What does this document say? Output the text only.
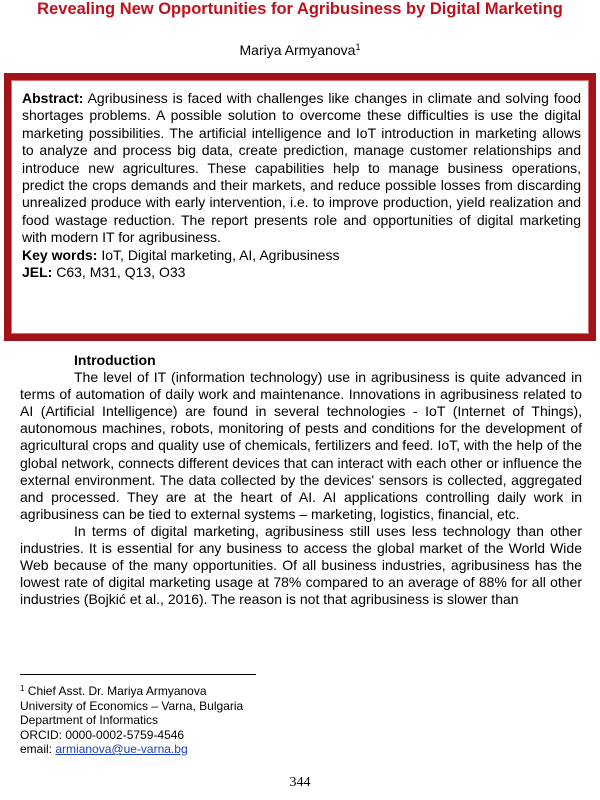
Revealing New Opportunities for Agribusiness by Digital Marketing
Mariya Armyanova$^1$

Abstract: Agribusiness is faced with challenges like changes in climate and solving food shortages problems. A possible solution to overcome these difficulties is use the digital marketing possibilities. The artificial intelligence and IoT introduction in marketing allows to analyze and process big data, create prediction, manage customer relationships and introduce new agricultures. These capabilities help to manage business operations, predict the crops demands and their markets, and reduce possible losses from discarding unrealized produce with early intervention, i.e. to improve production, yield realization and food wastage reduction. The report presents role and opportunities of digital marketing with modern IT for agribusiness.

Key words: IoT, Digital marketing, AI, Agribusiness

JEL: C63, M31, Q13, O33

Introduction

The level of IT (information technology) use in agribusiness is quite advanced in terms of automation of daily work and maintenance. Innovations in agribusiness related to AI (Artificial Intelligence) are found in several technologies - IoT (Internet of Things), autonomous machines, robots, monitoring of pests and conditions for the development of agricultural crops and quality use of chemicals, fertilizers and feed. IoT, with the help of the global network, connects different devices that can interact with each other or influence the external environment. The data collected by the devices' sensors is collected, aggregated and processed. They are at the heart of AI. AI applications controlling daily work in agribusiness can be tied to external systems – marketing, logistics, financial, etc.

In terms of digital marketing, agribusiness still uses less technology than other industries. It is essential for any business to access the global market of the World Wide Web because of the many opportunities. Of all business industries, agribusiness has the lowest rate of digital marketing usage at 78% compared to an average of 88% for all other industries (Bojkić et al., 2016). The reason is not that agribusiness is slower than

$^1$ Chief Asst. Dr. Mariya Armyanova
University of Economics – Varna, Bulgaria
Department of Informatics
ORCID: 0000-0002-5759-4546
email: armianova@ue-varna.bg
344
